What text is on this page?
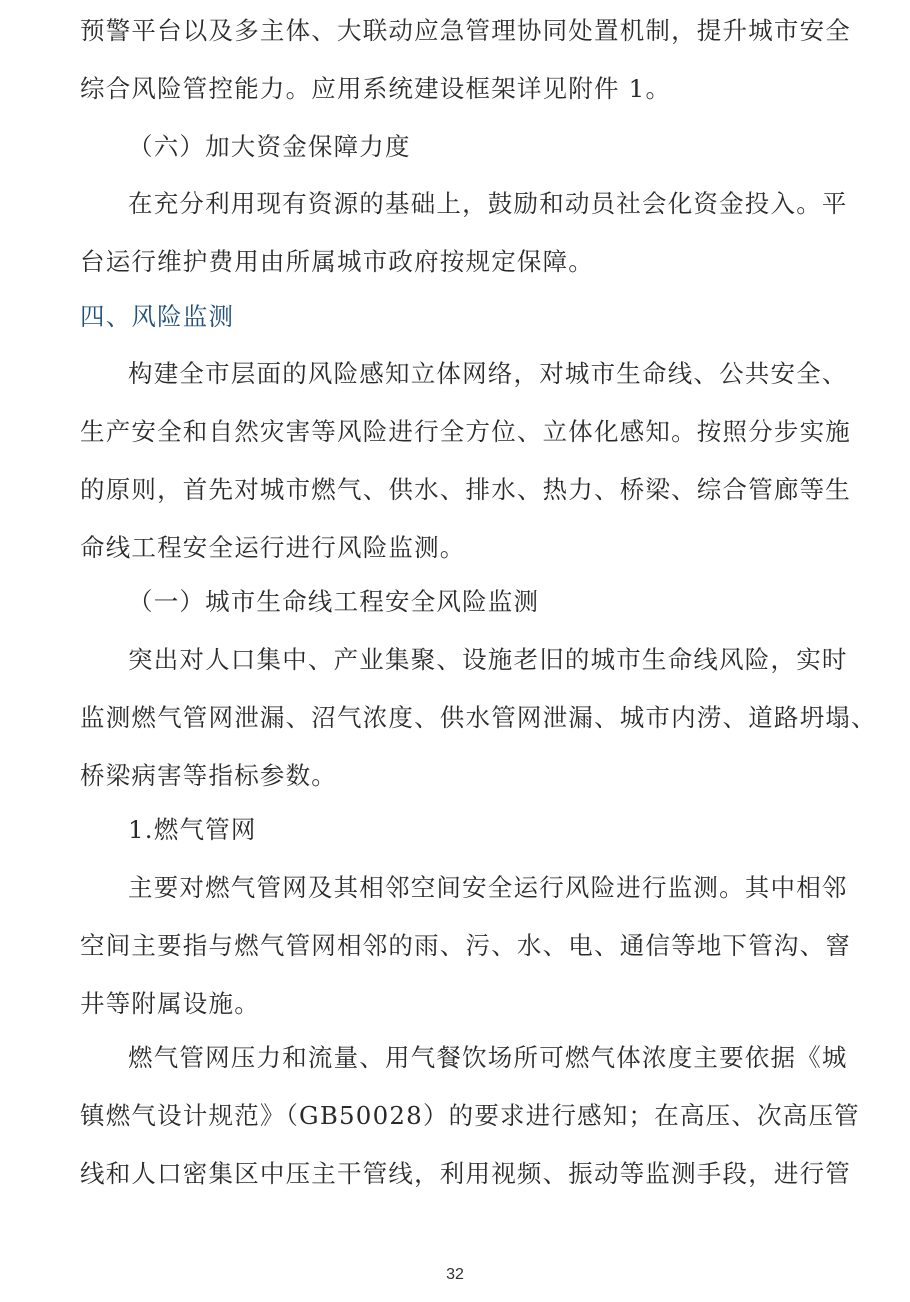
预警平台以及多主体、大联动应急管理协同处置机制，提升城市安全
综合风险管控能力。应用系统建设框架详见附件 1。
（六）加大资金保障力度
在充分利用现有资源的基础上，鼓励和动员社会化资金投入。平
台运行维护费用由所属城市政府按规定保障。
四、风险监测
构建全市层面的风险感知立体网络，对城市生命线、公共安全、
生产安全和自然灾害等风险进行全方位、立体化感知。按照分步实施
的原则，首先对城市燃气、供水、排水、热力、桥梁、综合管廊等生
命线工程安全运行进行风险监测。
（一）城市生命线工程安全风险监测
突出对人口集中、产业集聚、设施老旧的城市生命线风险，实时
监测燃气管网泄漏、沼气浓度、供水管网泄漏、城市内涝、道路坍塌、
桥梁病害等指标参数。
1.燃气管网
主要对燃气管网及其相邻空间安全运行风险进行监测。其中相邻
空间主要指与燃气管网相邻的雨、污、水、电、通信等地下管沟、窨
井等附属设施。
燃气管网压力和流量、用气餐饮场所可燃气体浓度主要依据《城
镇燃气设计规范》（GB50028）的要求进行感知；在高压、次高压管
线和人口密集区中压主干管线，利用视频、振动等监测手段，进行管
32
